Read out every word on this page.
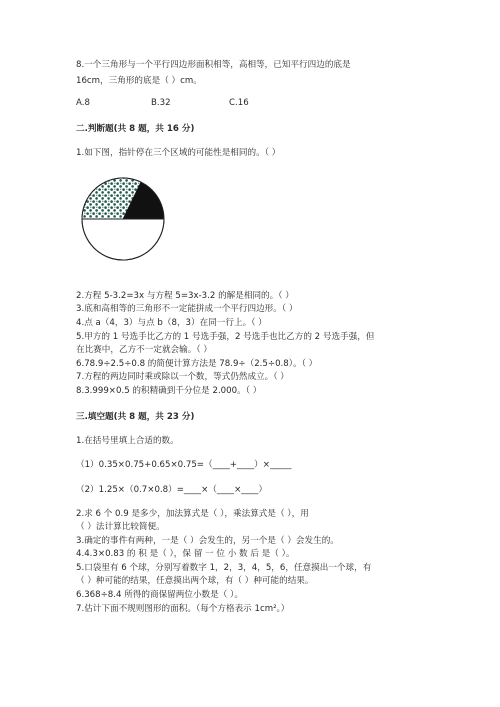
8.一个三角形与一个平行四边形面积相等，高相等，已知平行四边的底是
16cm，三角形的底是（ ）cm。
A.8	B.32	C.16
二.判断题(共 8 题，共 16 分)
1.如下图，指针停在三个区域的可能性是相同的。（ ）
2.方程 5-3.2=3x 与方程 5=3x-3.2 的解是相同的。（ ）
3.底和高相等的三角形不一定能拼成一个平行四边形。（ ）
4.点 a（4，3）与点 b（8，3）在同一行上。（ ）
5.甲方的 1 号选手比乙方的 1 号选手强，2 号选手也比乙方的 2 号选手强，但
在比赛中，乙方不一定就会输。（ ）
6.78.9÷2.5÷0.8 的简便计算方法是 78.9÷（2.5÷0.8）。（ ）
7.方程的两边同时乘或除以一个数，等式仍然成立。（ ）
8.3.999×0.5 的积精确到千分位是 2.000。（ ）
三.填空题(共 8 题，共 23 分)
1.在括号里填上合适的数。
（1）0.35×0.75+0.65×0.75=（____+____）×_____
（2）1.25×（0.7×0.8）=____×（____×____）
2.求 6 个 0.9 是多少，加法算式是（ ），乘法算式是（ ），用
（ ）法计算比较简便。
3.确定的事件有两种，一是（ ）会发生的，另一个是（ ）会发生的。
4.4.3×0.83 的 积 是（ ），保 留 一 位 小 数 后 是（ ）。
5.口袋里有 6 个球，分别写着数字 1，2，3，4，5，6，任意摸出一个球，有
（ ）种可能的结果，任意摸出两个球，有（ ）种可能的结果。
6.368÷8.4 所得的商保留两位小数是（ ）。
7.估计下面不规则图形的面积。（每个方格表示 1cm²。）
